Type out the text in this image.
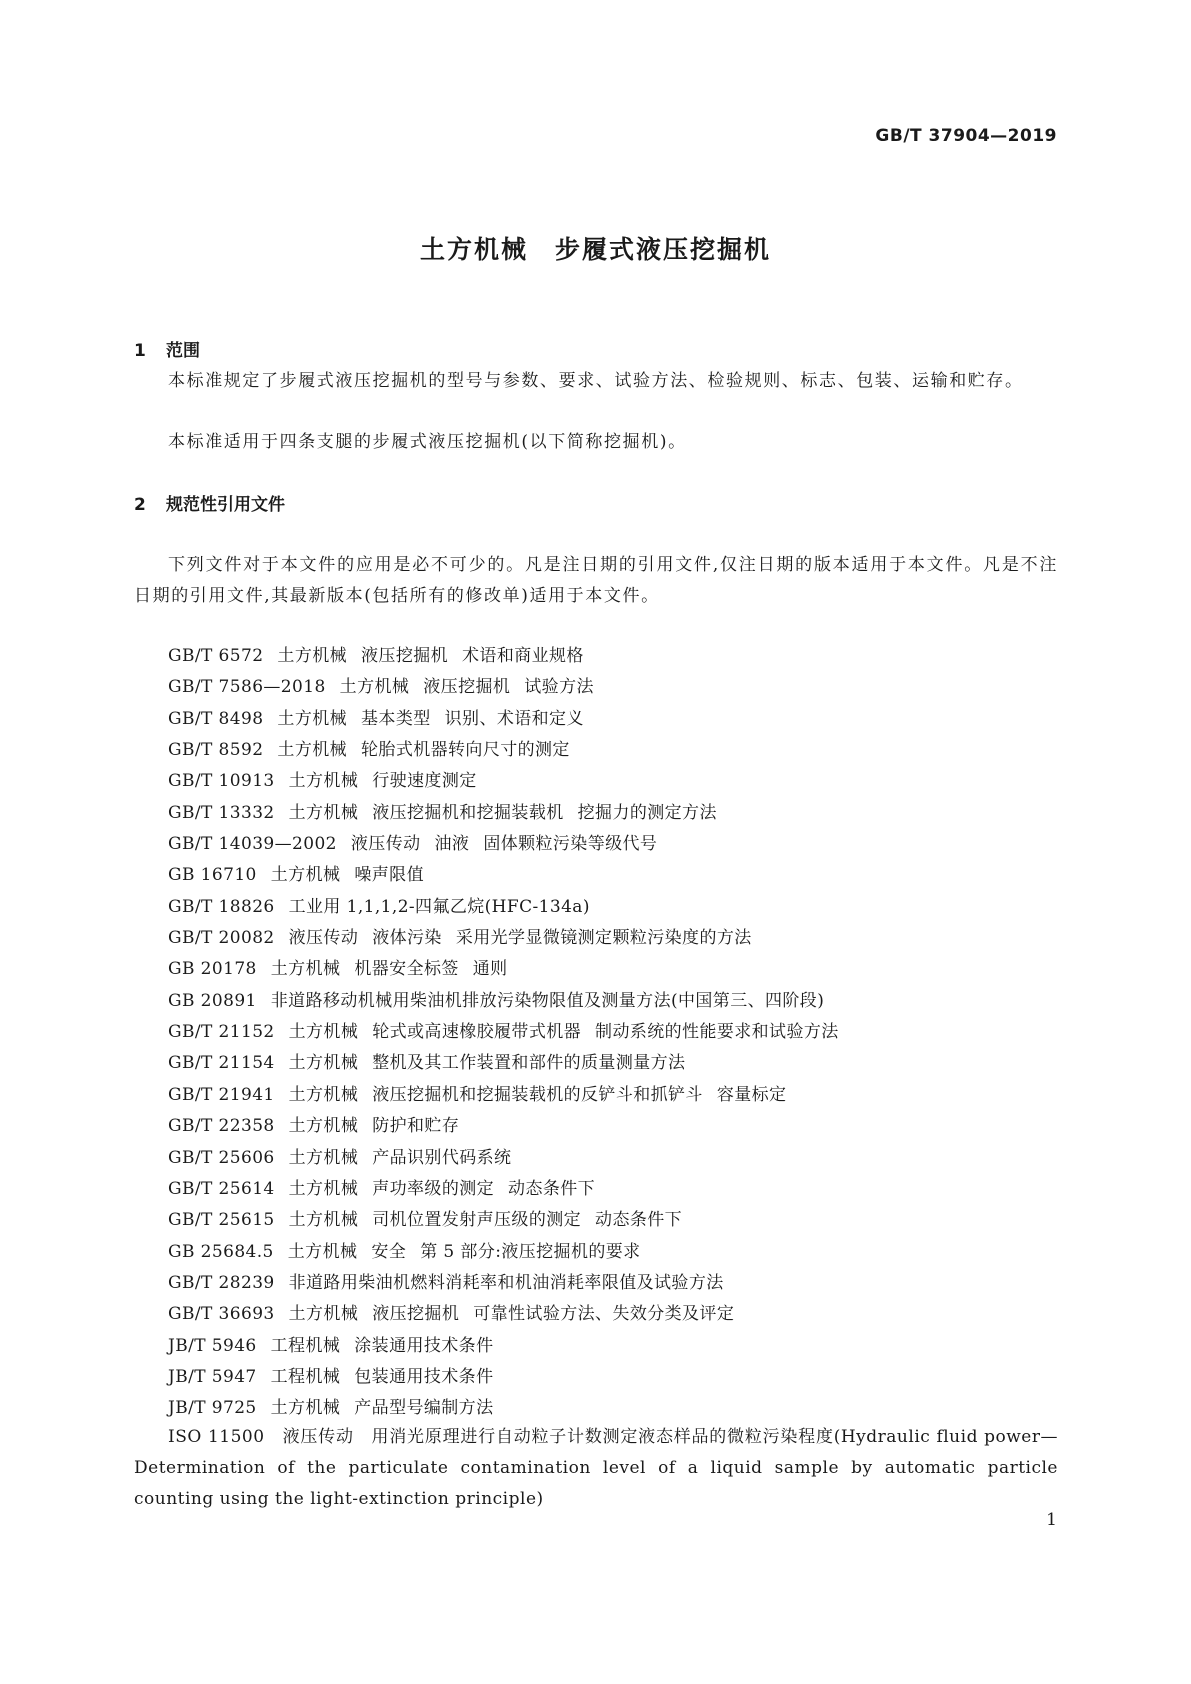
GB/T 37904—2019
土方机械　步履式液压挖掘机
1 范围

本标准规定了步履式液压挖掘机的型号与参数、要求、试验方法、检验规则、标志、包装、运输和贮存。

本标准适用于四条支腿的步履式液压挖掘机(以下简称挖掘机)。

2 规范性引用文件

下列文件对于本文件的应用是必不可少的。凡是注日期的引用文件,仅注日期的版本适用于本文件。凡是不注日期的引用文件,其最新版本(包括所有的修改单)适用于本文件。

GB/T 6572 土方机械 液压挖掘机 术语和商业规格
GB/T 7586—2018 土方机械 液压挖掘机 试验方法
GB/T 8498 土方机械 基本类型 识别、术语和定义
GB/T 8592 土方机械 轮胎式机器转向尺寸的测定
GB/T 10913 土方机械 行驶速度测定
GB/T 13332 土方机械 液压挖掘机和挖掘装载机 挖掘力的测定方法
GB/T 14039—2002 液压传动 油液 固体颗粒污染等级代号
GB 16710 土方机械 噪声限值
GB/T 18826 工业用 1,1,1,2-四氟乙烷(HFC-134a)
GB/T 20082 液压传动 液体污染 采用光学显微镜测定颗粒污染度的方法
GB 20178 土方机械 机器安全标签 通则
GB 20891 非道路移动机械用柴油机排放污染物限值及测量方法(中国第三、四阶段)
GB/T 21152 土方机械 轮式或高速橡胶履带式机器 制动系统的性能要求和试验方法
GB/T 21154 土方机械 整机及其工作装置和部件的质量测量方法
GB/T 21941 土方机械 液压挖掘机和挖掘装载机的反铲斗和抓铲斗 容量标定
GB/T 22358 土方机械 防护和贮存
GB/T 25606 土方机械 产品识别代码系统
GB/T 25614 土方机械 声功率级的测定 动态条件下
GB/T 25615 土方机械 司机位置发射声压级的测定 动态条件下
GB 25684.5 土方机械 安全 第 5 部分:液压挖掘机的要求
GB/T 28239 非道路用柴油机燃料消耗率和机油消耗率限值及试验方法
GB/T 36693 土方机械 液压挖掘机 可靠性试验方法、失效分类及评定
JB/T 5946 工程机械 涂装通用技术条件
JB/T 5947 工程机械 包装通用技术条件
JB/T 9725 土方机械 产品型号编制方法

ISO 11500　液压传动　用消光原理进行自动粒子计数测定液态样品的微粒污染程度(Hydraulic fluid power—Determination of the particulate contamination level of a liquid sample by automatic particle counting using the light-extinction principle)

1
